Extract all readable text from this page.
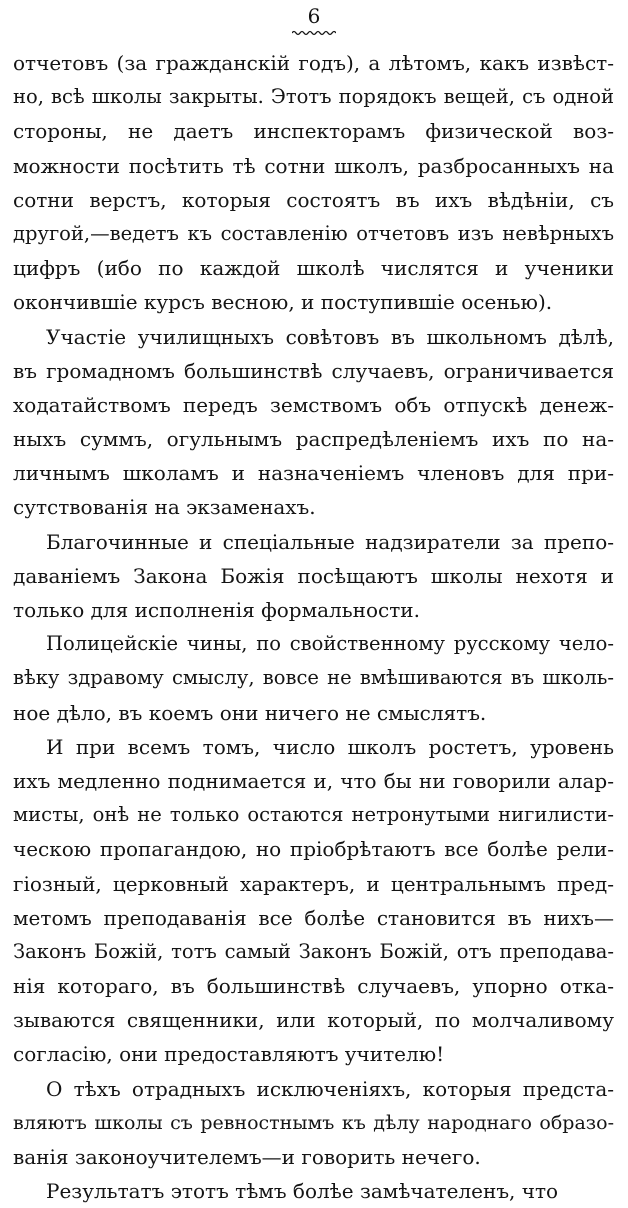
6
отчетовъ (за гражданскій годъ), а лѣтомъ, какъ извѣст-
но, всѣ школы закрыты. Этотъ порядокъ вещей, съ одной
стороны, не даетъ инспекторамъ физической воз-
можности посѣтить тѣ сотни школъ, разбросанныхъ на
сотни верстъ, которыя состоятъ въ ихъ вѣдѣніи, съ
другой,—ведетъ къ составленію отчетовъ изъ невѣрныхъ
цифръ (ибо по каждой школѣ числятся и ученики
окончившіе курсъ весною, и поступившіе осенью).
Участіе училищныхъ совѣтовъ въ школьномъ дѣлѣ,
въ громадномъ большинствѣ случаевъ, ограничивается
ходатайствомъ передъ земствомъ объ отпускѣ денеж-
ныхъ суммъ, огульнымъ распредѣленіемъ ихъ по на-
личнымъ школамъ и назначеніемъ членовъ для при-
сутствованія на экзаменахъ.
Благочинные и спеціальные надзиратели за препо-
даваніемъ Закона Божія посѣщаютъ школы нехотя и
только для исполненія формальности.
Полицейскіе чины, по свойственному русскому чело-
вѣку здравому смыслу, вовсе не вмѣшиваются въ школь-
ное дѣло, въ коемъ они ничего не смыслятъ.
И при всемъ томъ, число школъ ростетъ, уровень
ихъ медленно поднимается и, что бы ни говорили алар-
мисты, онѣ не только остаются нетронутыми нигилисти-
ческою пропагандою, но пріобрѣтаютъ все болѣе рели-
гіозный, церковный характеръ, и центральнымъ пред-
метомъ преподаванія все болѣе становится въ нихъ—
Законъ Божій, тотъ самый Законъ Божій, отъ преподава-
нія котораго, въ большинствѣ случаевъ, упорно отка-
зываются священники, или который, по молчаливому
согласію, они предоставляютъ учителю!
О тѣхъ отрадныхъ исключеніяхъ, которыя предста-
вляютъ школы съ ревностнымъ къ дѣлу народнаго образо-
ванія законоучителемъ—и говорить нечего.
Результатъ этотъ тѣмъ болѣе замѣчателенъ, что
